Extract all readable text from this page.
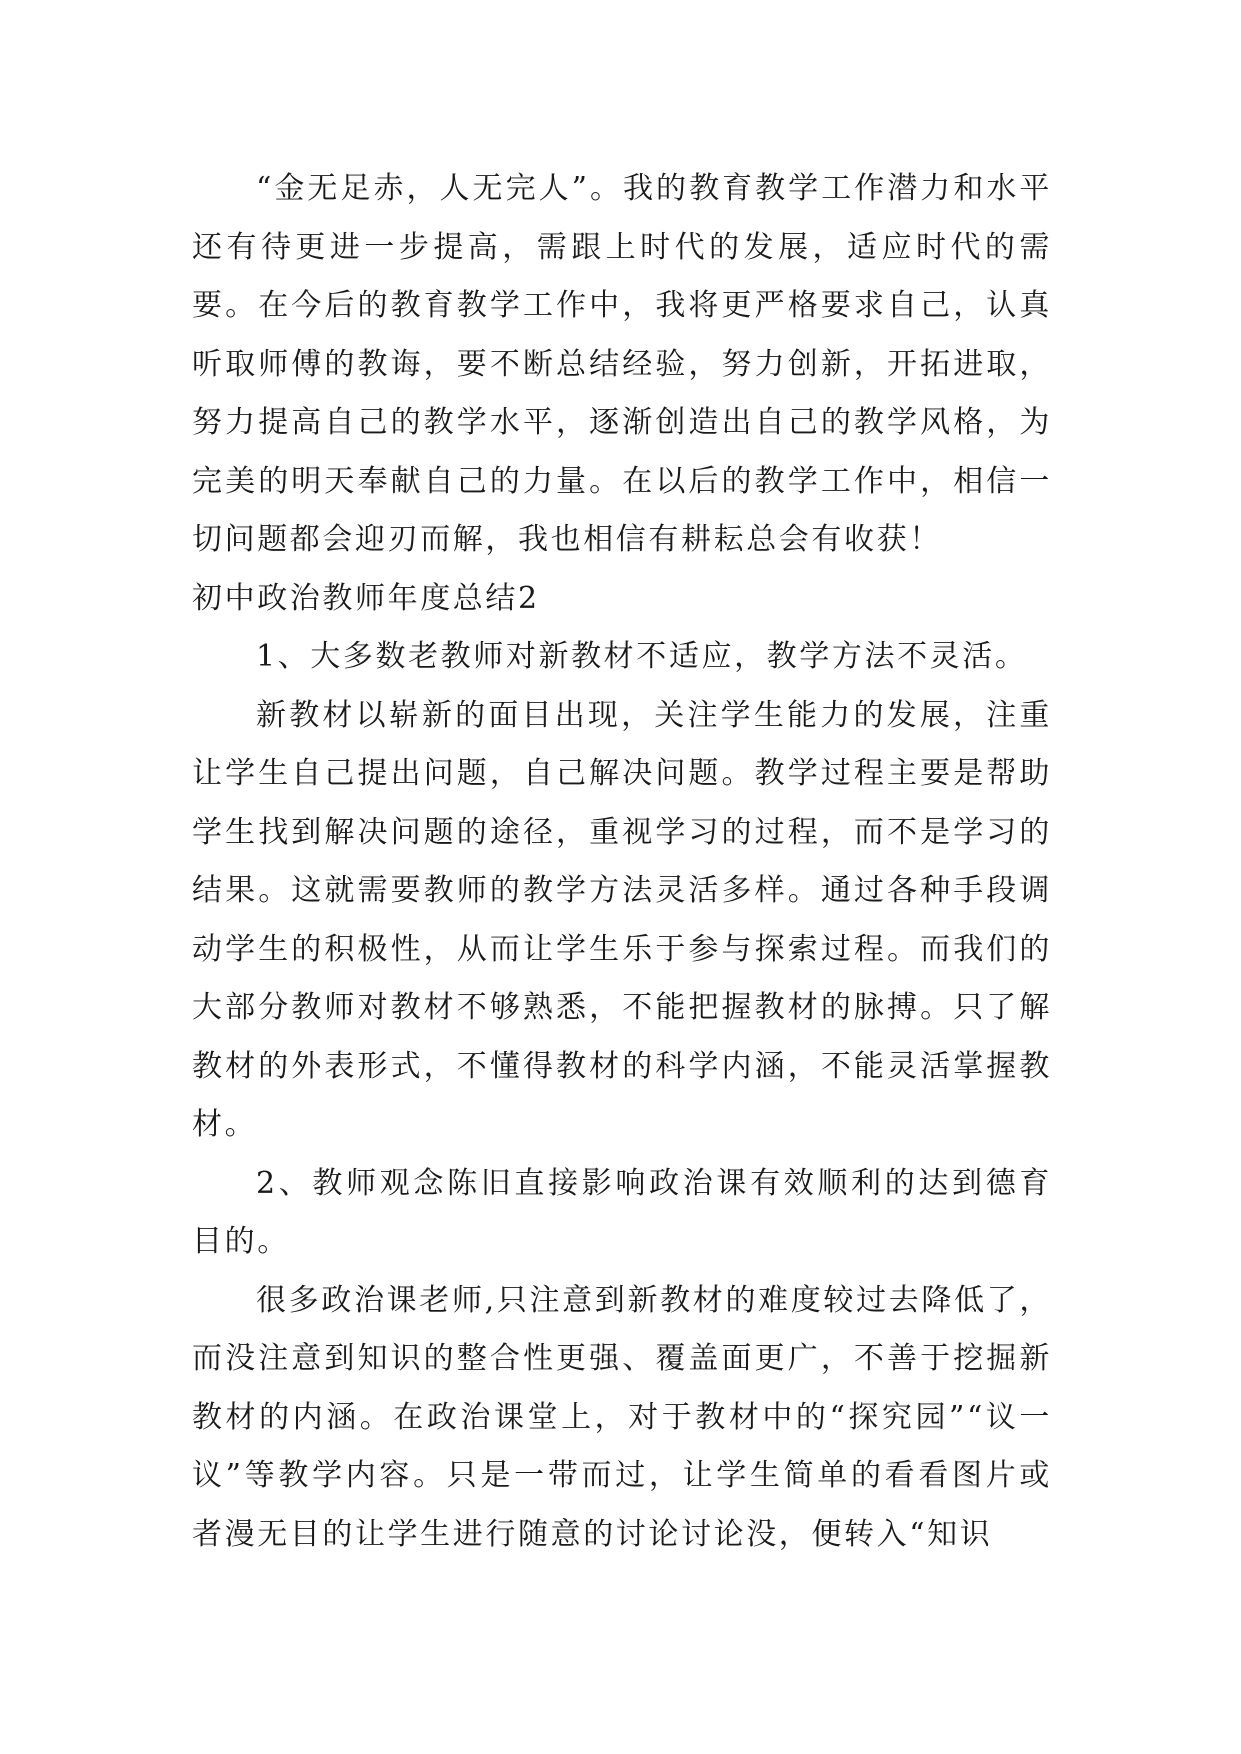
“金无足赤，人无完人”。我的教育教学工作潜力和水平还有待更进一步提高，需跟上时代的发展，适应时代的需要。在今后的教育教学工作中，我将更严格要求自己，认真听取师傅的教诲，要不断总结经验，努力创新，开拓进取，努力提高自己的教学水平，逐渐创造出自己的教学风格，为完美的明天奉献自己的力量。在以后的教学工作中，相信一切问题都会迎刃而解，我也相信有耕耘总会有收获！

初中政治教师年度总结2

1、大多数老教师对新教材不适应，教学方法不灵活。

新教材以崭新的面目出现，关注学生能力的发展，注重让学生自己提出问题，自己解决问题。教学过程主要是帮助学生找到解决问题的途径，重视学习的过程，而不是学习的结果。这就需要教师的教学方法灵活多样。通过各种手段调动学生的积极性，从而让学生乐于参与探索过程。而我们的大部分教师对教材不够熟悉，不能把握教材的脉搏。只了解教材的外表形式，不懂得教材的科学内涵，不能灵活掌握教材。

2、教师观念陈旧直接影响政治课有效顺利的达到德育目的。

很多政治课老师,只注意到新教材的难度较过去降低了，而没注意到知识的整合性更强、覆盖面更广，不善于挖掘新教材的内涵。在政治课堂上，对于教材中的“探究园”“议一议”等教学内容。只是一带而过，让学生简单的看看图片或者漫无目的让学生进行随意的讨论讨论没，便转入“知识
